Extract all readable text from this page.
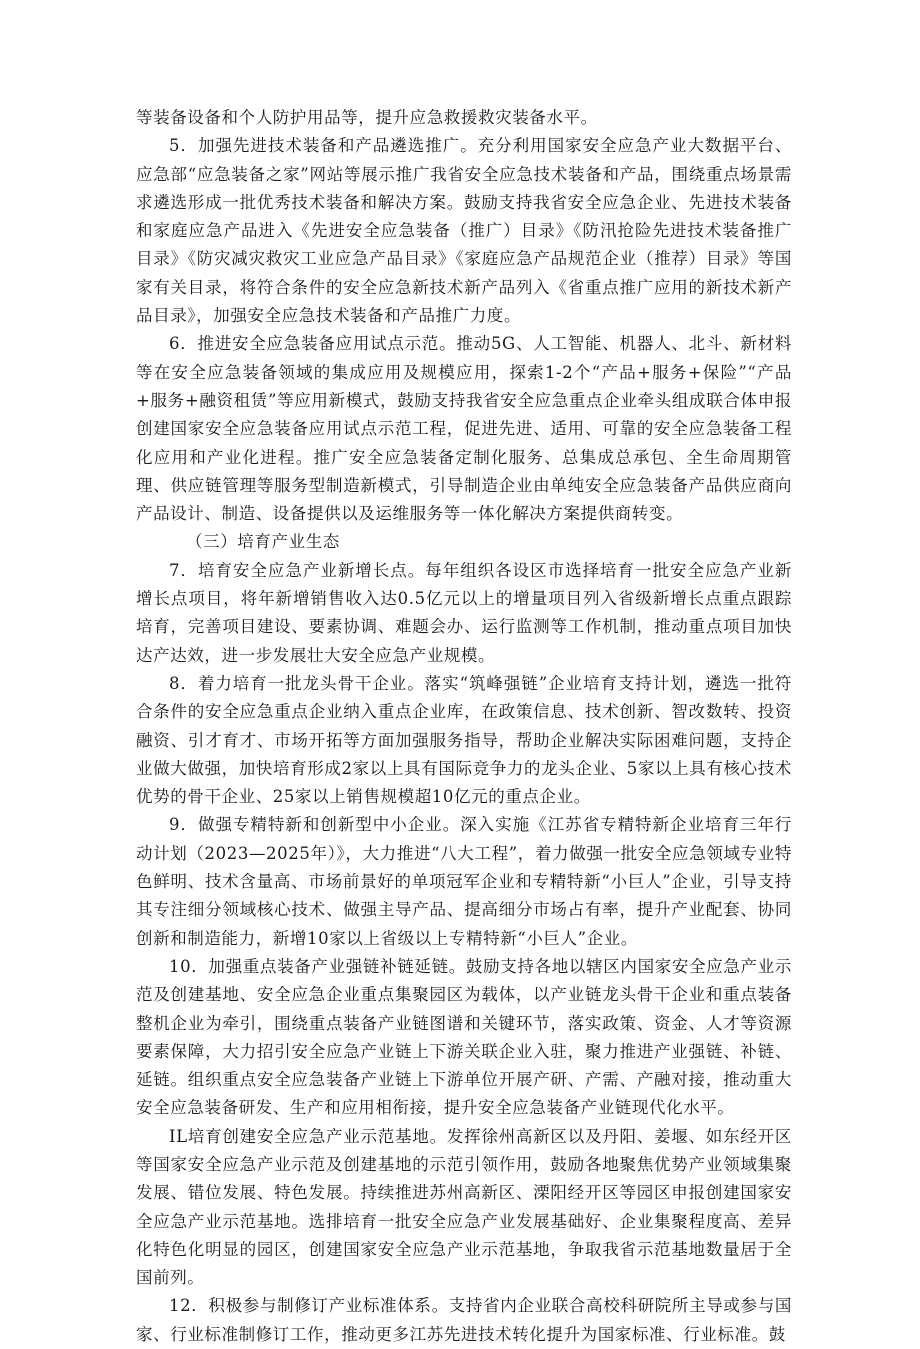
等装备设备和个人防护用品等，提升应急救援救灾装备水平。

5．加强先进技术装备和产品遴选推广。充分利用国家安全应急产业大数据平台、应急部“应急装备之家”网站等展示推广我省安全应急技术装备和产品，围绕重点场景需求遴选形成一批优秀技术装备和解决方案。鼓励支持我省安全应急企业、先进技术装备和家庭应急产品进入《先进安全应急装备（推广）目录》《防汛抢险先进技术装备推广目录》《防灾减灾救灾工业应急产品目录》《家庭应急产品规范企业（推荐）目录》等国家有关目录，将符合条件的安全应急新技术新产品列入《省重点推广应用的新技术新产品目录》，加强安全应急技术装备和产品推广力度。

6．推进安全应急装备应用试点示范。推动5G、人工智能、机器人、北斗、新材料等在安全应急装备领域的集成应用及规模应用，探索1-2个“产品+服务+保险”“产品+服务+融资租赁”等应用新模式，鼓励支持我省安全应急重点企业牵头组成联合体申报创建国家安全应急装备应用试点示范工程，促进先进、适用、可靠的安全应急装备工程化应用和产业化进程。推广安全应急装备定制化服务、总集成总承包、全生命周期管理、供应链管理等服务型制造新模式，引导制造企业由单纯安全应急装备产品供应商向产品设计、制造、设备提供以及运维服务等一体化解决方案提供商转变。

（三）培育产业生态

7．培育安全应急产业新增长点。每年组织各设区市选择培育一批安全应急产业新增长点项目，将年新增销售收入达0.5亿元以上的增量项目列入省级新增长点重点跟踪培育，完善项目建设、要素协调、难题会办、运行监测等工作机制，推动重点项目加快达产达效，进一步发展壮大安全应急产业规模。

8．着力培育一批龙头骨干企业。落实“筑峰强链”企业培育支持计划，遴选一批符合条件的安全应急重点企业纳入重点企业库，在政策信息、技术创新、智改数转、投资融资、引才育才、市场开拓等方面加强服务指导，帮助企业解决实际困难问题，支持企业做大做强，加快培育形成2家以上具有国际竞争力的龙头企业、5家以上具有核心技术优势的骨干企业、25家以上销售规模超10亿元的重点企业。

9．做强专精特新和创新型中小企业。深入实施《江苏省专精特新企业培育三年行动计划（2023—2025年）》，大力推进“八大工程”，着力做强一批安全应急领域专业特色鲜明、技术含量高、市场前景好的单项冠军企业和专精特新“小巨人”企业，引导支持其专注细分领域核心技术、做强主导产品、提高细分市场占有率，提升产业配套、协同创新和制造能力，新增10家以上省级以上专精特新“小巨人”企业。

10．加强重点装备产业强链补链延链。鼓励支持各地以辖区内国家安全应急产业示范及创建基地、安全应急企业重点集聚园区为载体，以产业链龙头骨干企业和重点装备整机企业为牵引，围绕重点装备产业链图谱和关键环节，落实政策、资金、人才等资源要素保障，大力招引安全应急产业链上下游关联企业入驻，聚力推进产业强链、补链、延链。组织重点安全应急装备产业链上下游单位开展产研、产需、产融对接，推动重大安全应急装备研发、生产和应用相衔接，提升安全应急装备产业链现代化水平。

IL培育创建安全应急产业示范基地。发挥徐州高新区以及丹阳、姜堰、如东经开区等国家安全应急产业示范及创建基地的示范引领作用，鼓励各地聚焦优势产业领域集聚发展、错位发展、特色发展。持续推进苏州高新区、溧阳经开区等园区申报创建国家安全应急产业示范基地。选排培育一批安全应急产业发展基础好、企业集聚程度高、差异化特色化明显的园区，创建国家安全应急产业示范基地，争取我省示范基地数量居于全国前列。

12．积极参与制修订产业标准体系。支持省内企业联合高校科研院所主导或参与国家、行业标准制修订工作，推动更多江苏先进技术转化提升为国家标准、行业标准。鼓
